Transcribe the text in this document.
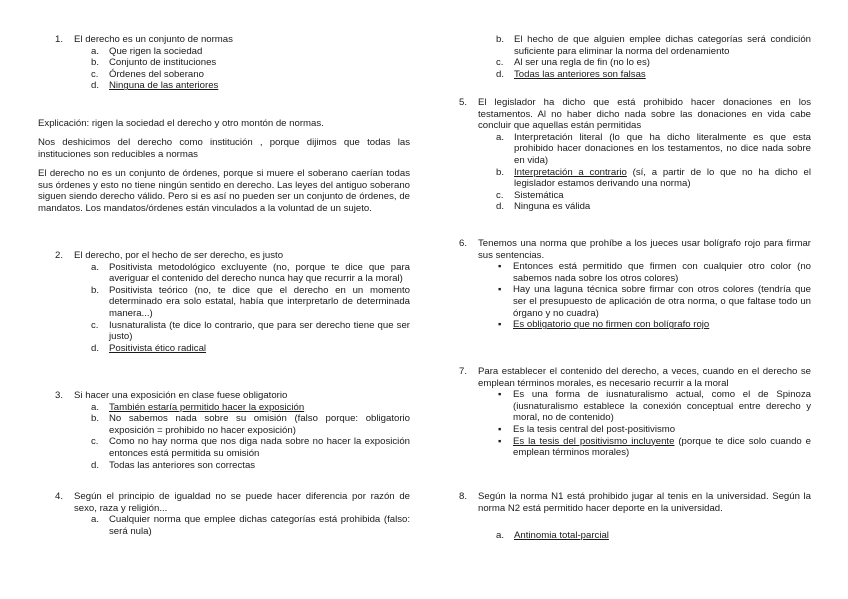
1.	El derecho es un conjunto de normas
a.	Que rigen la sociedad
b.	Conjunto de instituciones
c.	Órdenes del soberano
d.	Ninguna de las anteriores

Explicación: rigen la sociedad el derecho y otro montón de normas.

Nos deshicimos del derecho como institución , porque dijimos que todas las instituciones son reducibles a normas

El derecho no es un conjunto de órdenes, porque si muere el soberano caerían todas sus órdenes y esto no tiene ningún sentido en derecho. Las leyes del antiguo soberano siguen siendo derecho válido. Pero si es así no pueden ser un conjunto de órdenes, de mandatos. Los mandatos/órdenes están vinculados a la voluntad de un sujeto.

2.	El derecho, por el hecho de ser derecho, es justo
a.	Positivista metodológico excluyente (no, porque te dice que para averiguar el contenido del derecho nunca hay que recurrir a la moral)
b.	Positivista teórico (no, te dice que el derecho en un momento determinado era solo estatal, había que interpretarlo de determinada manera...)
c.	Iusnaturalista (te dice lo contrario, que para ser derecho tiene que ser justo)
d.	Positivista ético radical
3.	Si hacer una exposición en clase fuese obligatorio
a.	También estaría permitido hacer la exposición
b.	No sabemos nada sobre su omisión (falso porque: obligatorio exposición = prohibido no hacer exposición)
c.	Como no hay norma que nos diga nada sobre no hacer la exposición entonces está permitida su omisión
d.	Todas las anteriores son correctas
4.	Según el principio de igualdad no se puede hacer diferencia por razón de sexo, raza y religión...
a.	Cualquier norma que emplee dichas categorías está prohibida (falso: será nula)
b.	El hecho de que alguien emplee dichas categorías será condición suficiente para eliminar la norma del ordenamiento
c.	Al ser una regla de fin (no lo es)
d.	Todas las anteriores son falsas
5.	El legislador ha dicho que está prohibido hacer donaciones en los testamentos. Al no haber dicho nada sobre las donaciones en vida cabe concluir que aquellas están permitidas
a.	Interpretación literal (lo que ha dicho literalmente es que esta prohibido hacer donaciones en los testamentos, no dice nada sobre en vida)
b.	Interpretación a contrario (sí, a partir de lo que no ha dicho el legislador estamos derivando una norma)
c.	Sistemática
d.	Ninguna es válida
6.	Tenemos una norma que prohíbe a los jueces usar bolígrafo rojo para firmar sus sentencias.
▪	Entonces está permitido que firmen con cualquier otro color (no sabemos nada sobre los otros colores)
▪	Hay una laguna técnica sobre firmar con otros colores (tendría que ser el presupuesto de aplicación de otra norma, o que faltase todo un órgano y no cuadra)
▪	Es obligatorio que no firmen con bolígrafo rojo
7.	Para establecer el contenido del derecho, a veces, cuando en el derecho se emplean términos morales, es necesario recurrir a la moral
▪	Es una forma de iusnaturalismo actual, como el de Spinoza (iusnaturalismo establece la conexión conceptual entre derecho y moral, no de contenido)
▪	Es la tesis central del post-positivismo
▪	Es la tesis del positivismo incluyente (porque te dice solo cuando e emplean términos morales)
8.	Según la norma N1 está prohibido jugar al tenis en la universidad. Según la norma N2 está permitido hacer deporte en la universidad.
a.	Antinomia total-parcial
